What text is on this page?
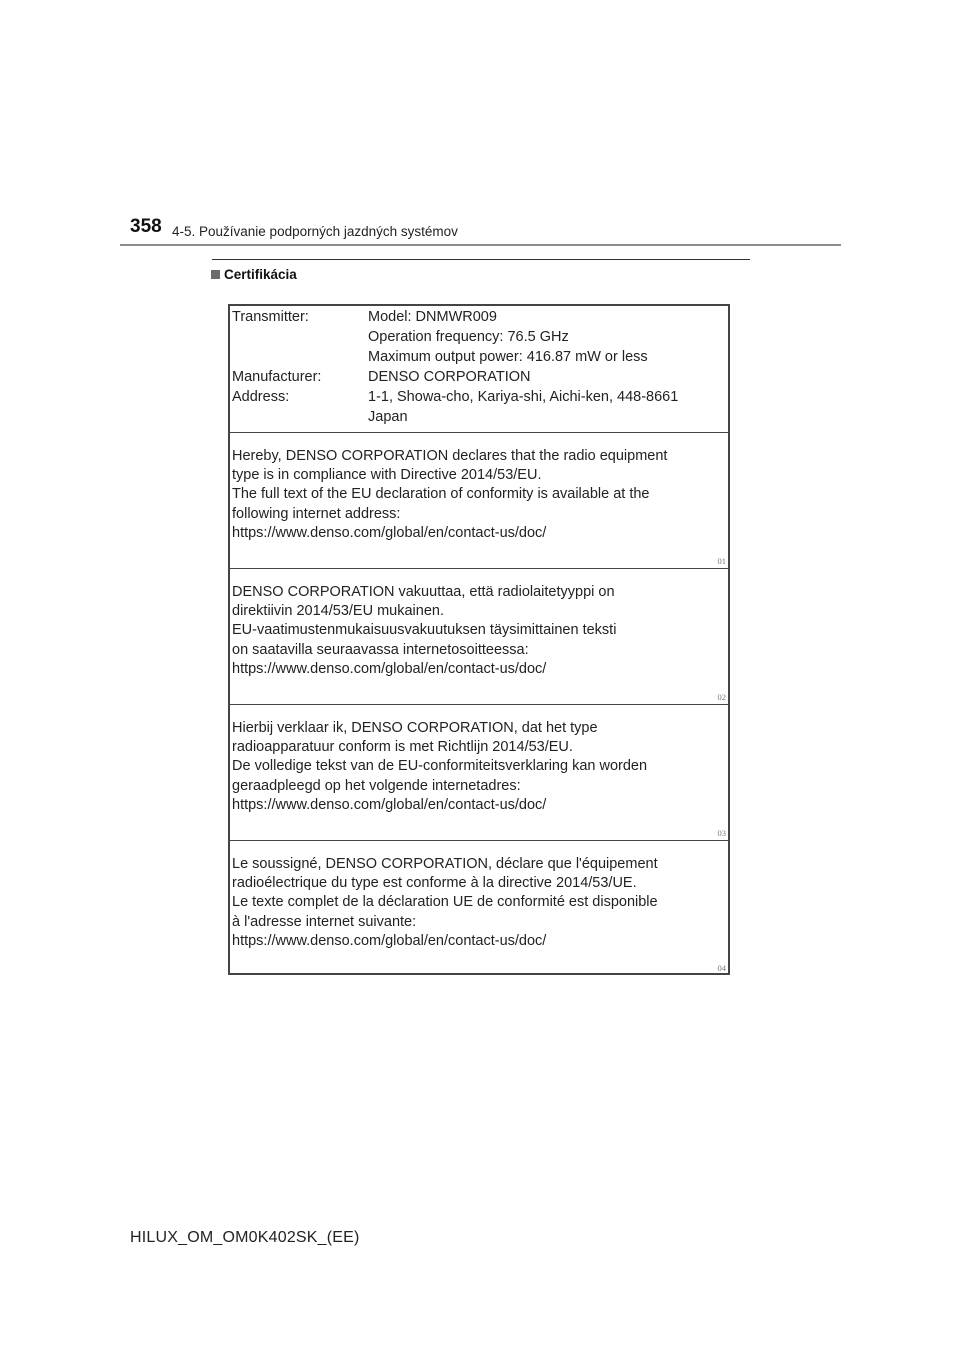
358 4-5. Používanie podporných jazdných systémov
Certifikácia
Transmitter:	Model: DNMWR009
Operation frequency: 76.5 GHz
Maximum output power: 416.87 mW or less
Manufacturer:	DENSO CORPORATION
Address:	1-1, Showa-cho, Kariya-shi, Aichi-ken, 448-8661
Japan
Hereby, DENSO CORPORATION declares that the radio equipment
type is in compliance with Directive 2014/53/EU.
The full text of the EU declaration of conformity is available at the
following internet address:
https://www.denso.com/global/en/contact-us/doc/
01
DENSO CORPORATION vakuuttaa, että radiolaitetyyppi on
direktiivin 2014/53/EU mukainen.
EU-vaatimustenmukaisuusvakuutuksen täysimittainen teksti
on saatavilla seuraavassa internetosoitteessa:
https://www.denso.com/global/en/contact-us/doc/
02
Hierbij verklaar ik, DENSO CORPORATION, dat het type
radioapparatuur conform is met Richtlijn 2014/53/EU.
De volledige tekst van de EU-conformiteitsverklaring kan worden
geraadpleegd op het volgende internetadres:
https://www.denso.com/global/en/contact-us/doc/
03
Le soussigné, DENSO CORPORATION, déclare que l'équipement
radioélectrique du type est conforme à la directive 2014/53/UE.
Le texte complet de la déclaration UE de conformité est disponible
à l'adresse internet suivante:
https://www.denso.com/global/en/contact-us/doc/
04
HILUX_OM_OM0K402SK_(EE)
